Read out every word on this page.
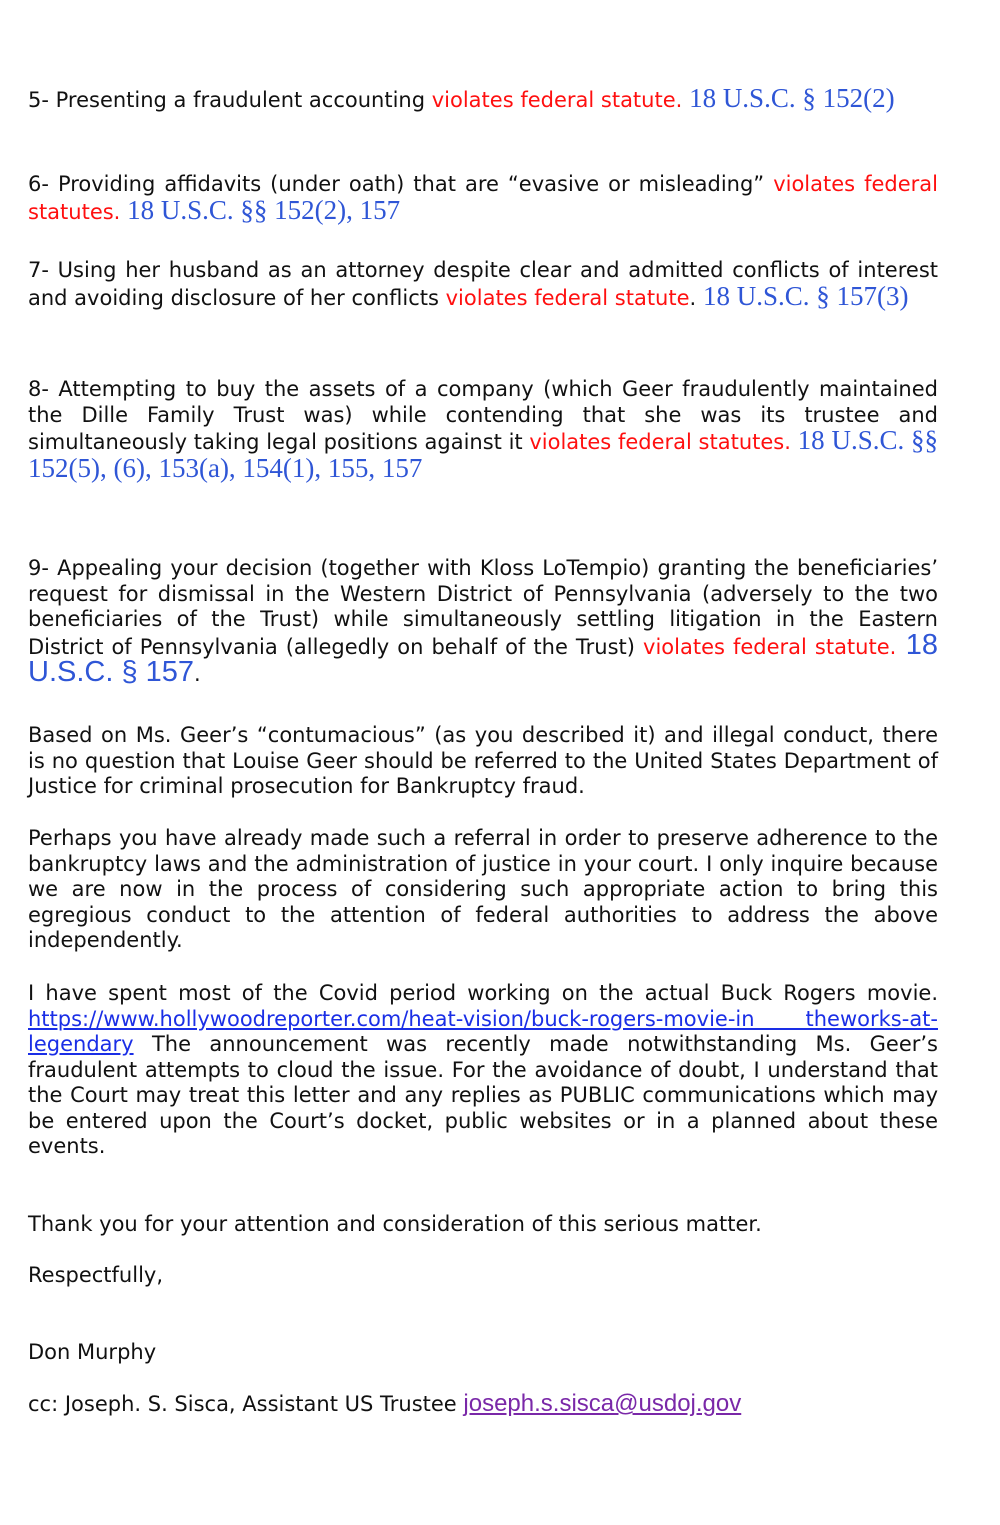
5- Presenting a fraudulent accounting violates federal statute. 18 U.S.C. § 152(2)

6- Providing affidavits (under oath) that are “evasive or misleading” violates federal statutes. 18 U.S.C. §§ 152(2), 157

7- Using her husband as an attorney despite clear and admitted conflicts of interest and avoiding disclosure of her conflicts violates federal statute. 18 U.S.C. § 157(3)

8- Attempting to buy the assets of a company (which Geer fraudulently maintained the Dille Family Trust was) while contending that she was its trustee and simultaneously taking legal positions against it violates federal statutes. 18 U.S.C. §§ 152(5), (6), 153(a), 154(1), 155, 157

9- Appealing your decision (together with Kloss LoTempio) granting the beneficiaries’ request for dismissal in the Western District of Pennsylvania (adversely to the two beneficiaries of the Trust) while simultaneously settling litigation in the Eastern District of Pennsylvania (allegedly on behalf of the Trust) violates federal statute. 18 U.S.C. § 157.

Based on Ms. Geer’s “contumacious” (as you described it) and illegal conduct, there is no question that Louise Geer should be referred to the United States Department of Justice for criminal prosecution for Bankruptcy fraud.

Perhaps you have already made such a referral in order to preserve adherence to the bankruptcy laws and the administration of justice in your court. I only inquire because we are now in the process of considering such appropriate action to bring this egregious conduct to the attention of federal authorities to address the above independently.

I have spent most of the Covid period working on the actual Buck Rogers movie. https://www.hollywoodreporter.com/heat-vision/buck-rogers-movie-in theworks-at-legendary The announcement was recently made notwithstanding Ms. Geer’s fraudulent attempts to cloud the issue. For the avoidance of doubt, I understand that the Court may treat this letter and any replies as PUBLIC communications which may be entered upon the Court’s docket, public websites or in a planned about these events.

Thank you for your attention and consideration of this serious matter.

Respectfully,

Don Murphy

cc: Joseph. S. Sisca, Assistant US Trustee joseph.s.sisca@usdoj.gov
